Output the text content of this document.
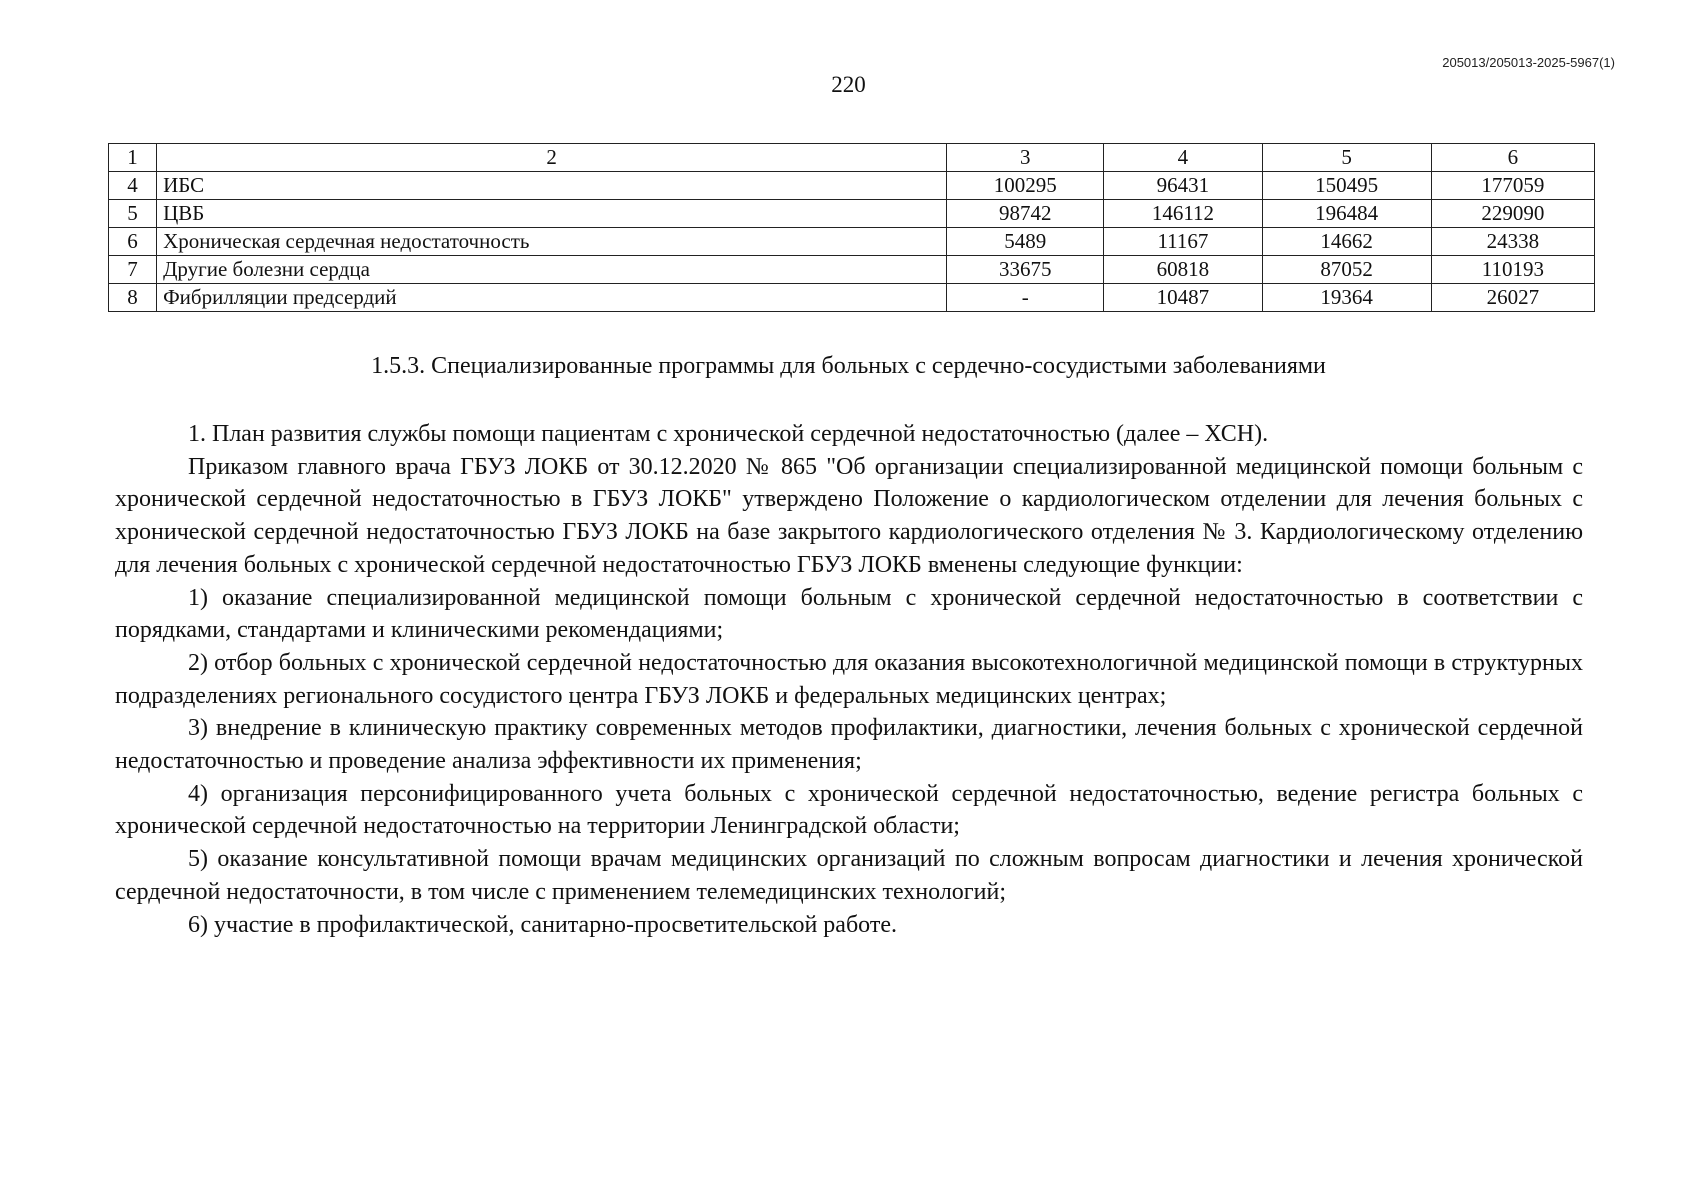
205013/205013-2025-5967(1)
220
1	2	3	4	5	6
4	ИБС	100295	96431	150495	177059
5	ЦВБ	98742	146112	196484	229090
6	Хроническая сердечная недостаточность	5489	11167	14662	24338
7	Другие болезни сердца	33675	60818	87052	110193
8	Фибрилляции предсердий	-	10487	19364	26027
1.5.3. Специализированные программы для больных с сердечно-сосудистыми заболеваниями

1. План развития службы помощи пациентам с хронической сердечной недостаточностью (далее – ХСН).

Приказом главного врача ГБУЗ ЛОКБ от 30.12.2020 № 865 "Об организации специализированной медицинской помощи больным с хронической сердечной недостаточностью в ГБУЗ ЛОКБ" утверждено Положение о кардиологическом отделении для лечения больных с хронической сердечной недостаточностью ГБУЗ ЛОКБ на базе закрытого кардиологического отделения № 3. Кардиологическому отделению для лечения больных с хронической сердечной недостаточностью ГБУЗ ЛОКБ вменены следующие функции:

1) оказание специализированной медицинской помощи больным с хронической сердечной недостаточностью в соответствии с порядками, стандартами и клиническими рекомендациями;

2) отбор больных с хронической сердечной недостаточностью для оказания высокотехнологичной медицинской помощи в структурных подразделениях регионального сосудистого центра ГБУЗ ЛОКБ и федеральных медицинских центрах;

3) внедрение в клиническую практику современных методов профилактики, диагностики, лечения больных с хронической сердечной недостаточностью и проведение анализа эффективности их применения;

4) организация персонифицированного учета больных с хронической сердечной недостаточностью, ведение регистра больных с хронической сердечной недостаточностью на территории Ленинградской области;

5) оказание консультативной помощи врачам медицинских организаций по сложным вопросам диагностики и лечения хронической сердечной недостаточности, в том числе с применением телемедицинских технологий;

6) участие в профилактической, санитарно-просветительской работе.
